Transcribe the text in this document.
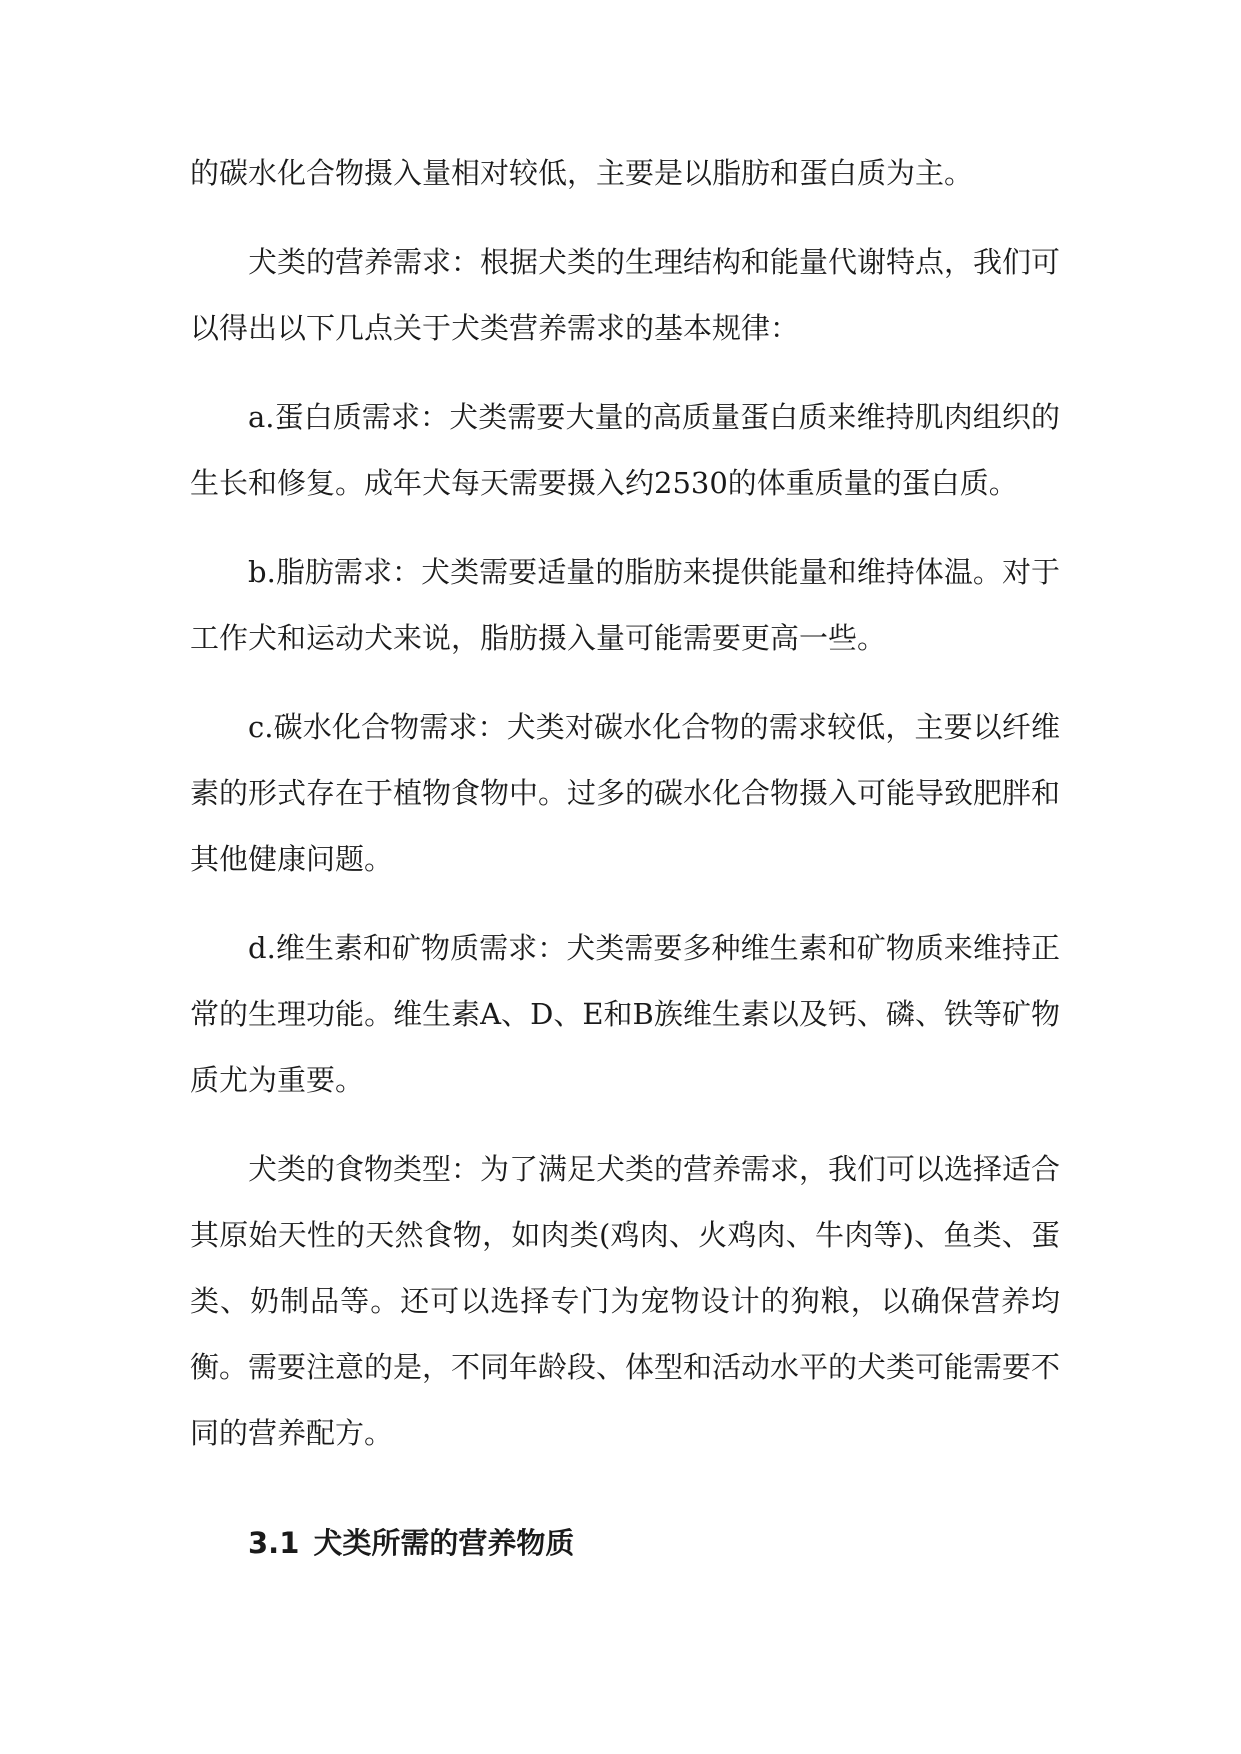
的碳水化合物摄入量相对较低，主要是以脂肪和蛋白质为主。

犬类的营养需求：根据犬类的生理结构和能量代谢特点，我们可以得出以下几点关于犬类营养需求的基本规律：

a.蛋白质需求：犬类需要大量的高质量蛋白质来维持肌肉组织的生长和修复。成年犬每天需要摄入约2530的体重质量的蛋白质。

b.脂肪需求：犬类需要适量的脂肪来提供能量和维持体温。对于工作犬和运动犬来说，脂肪摄入量可能需要更高一些。

c.碳水化合物需求：犬类对碳水化合物的需求较低，主要以纤维素的形式存在于植物食物中。过多的碳水化合物摄入可能导致肥胖和其他健康问题。

d.维生素和矿物质需求：犬类需要多种维生素和矿物质来维持正常的生理功能。维生素A、D、E和B族维生素以及钙、磷、铁等矿物质尤为重要。

犬类的食物类型：为了满足犬类的营养需求，我们可以选择适合其原始天性的天然食物，如肉类(鸡肉、火鸡肉、牛肉等)、鱼类、蛋类、奶制品等。还可以选择专门为宠物设计的狗粮，以确保营养均衡。需要注意的是，不同年龄段、体型和活动水平的犬类可能需要不同的营养配方。

3.1 犬类所需的营养物质
